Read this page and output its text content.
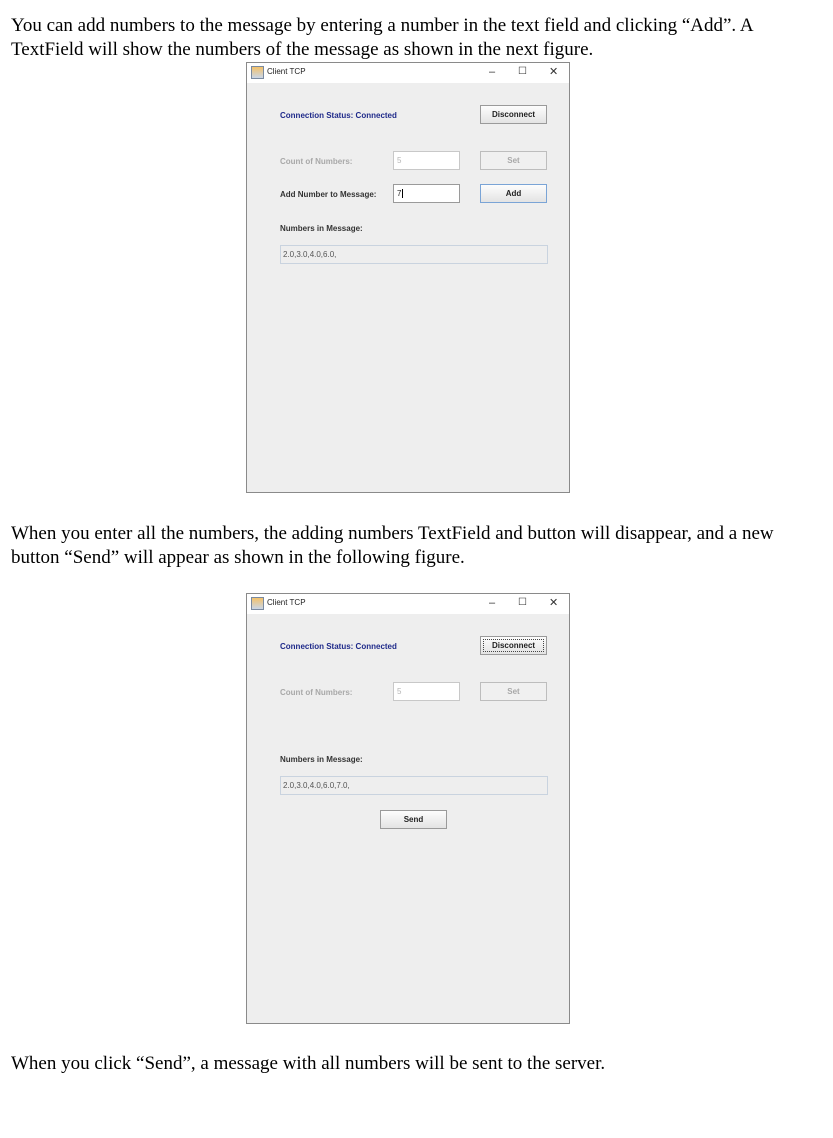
You can add numbers to the message by entering a number in the text field and clicking “Add”. A TextField will show the numbers of the message as shown in the next figure.

Client TCP	– ☐ ✕
Connection Status: Connected	Disconnect
Count of Numbers:	5	Set
Add Number to Message:	7	Add
Numbers in Message:
2.0,3.0,4.0,6.0,

When you enter all the numbers, the adding numbers TextField and button will disappear, and a new button “Send” will appear as shown in the following figure.

Client TCP	– ☐ ✕
Connection Status: Connected	Disconnect
Count of Numbers:	5	Set
Numbers in Message:
2.0,3.0,4.0,6.0,7.0,
Send

When you click “Send”, a message with all numbers will be sent to the server.
